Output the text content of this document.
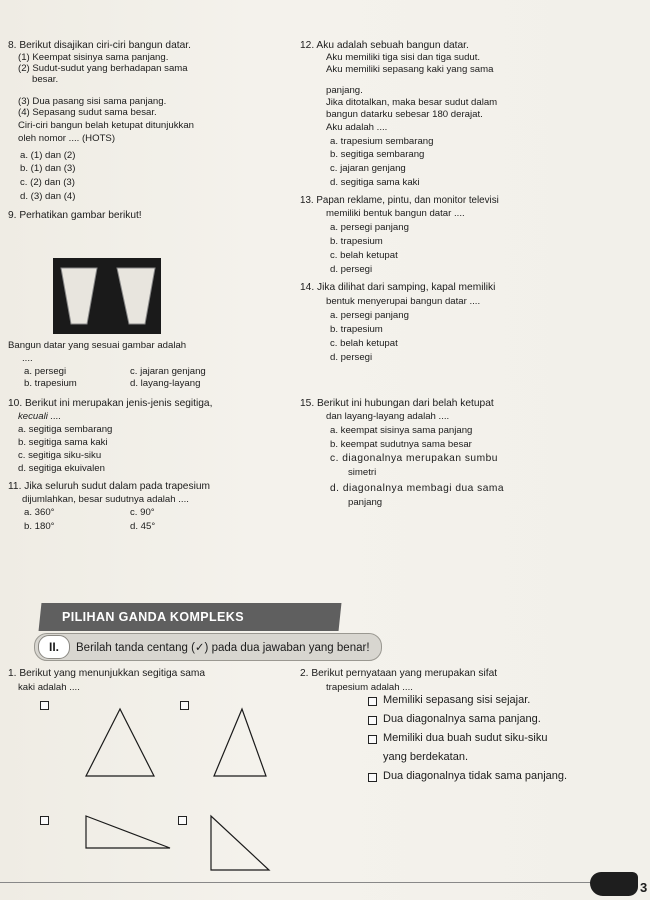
8. Berikut disajikan ciri-ciri bangun datar.
(1) Keempat sisinya sama panjang.
(2) Sudut-sudut yang berhadapan sama
besar.
(3) Dua pasang sisi sama panjang.
(4) Sepasang sudut sama besar.
Ciri-ciri bangun belah ketupat ditunjukkan
oleh nomor .... (HOTS)
a. (1) dan (2)
b. (1) dan (3)
c. (2) dan (3)
d. (3) dan (4)
9. Perhatikan gambar berikut!
Bangun datar yang sesuai gambar adalah
....
a. persegi
b. trapesium
c. jajaran genjang
d. layang-layang
10. Berikut ini merupakan jenis-jenis segitiga,
kecuali ....
a. segitiga sembarang
b. segitiga sama kaki
c. segitiga siku-siku
d. segitiga ekuivalen
11. Jika seluruh sudut dalam pada trapesium
dijumlahkan, besar sudutnya adalah ....
a. 360°
b. 180°
c. 90°
d. 45°
12. Aku adalah sebuah bangun datar.
Aku memiliki tiga sisi dan tiga sudut.
Aku memiliki sepasang kaki yang sama
panjang.
Jika ditotalkan, maka besar sudut dalam
bangun datarku sebesar 180 derajat.
Aku adalah ....
a. trapesium sembarang
b. segitiga sembarang
c. jajaran genjang
d. segitiga sama kaki
13. Papan reklame, pintu, dan monitor televisi
memiliki bentuk bangun datar ....
a. persegi panjang
b. trapesium
c. belah ketupat
d. persegi
14. Jika dilihat dari samping, kapal memiliki
bentuk menyerupai bangun datar ....
a. persegi panjang
b. trapesium
c. belah ketupat
d. persegi
15. Berikut ini hubungan dari belah ketupat
dan layang-layang adalah ....
a. keempat sisinya sama panjang
b. keempat sudutnya sama besar
c. diagonalnya merupakan sumbu
simetri
d. diagonalnya membagi dua sama
panjang
PILIHAN GANDA KOMPLEKS
II.	Berilah tanda centang (✓) pada dua jawaban yang benar!
1. Berikut yang menunjukkan segitiga sama
kaki adalah ....
2. Berikut pernyataan yang merupakan sifat
trapesium adalah ....
Memiliki sepasang sisi sejajar.
Dua diagonalnya sama panjang.
Memiliki dua buah sudut siku-siku
yang berdekatan.
Dua diagonalnya tidak sama panjang.
3
